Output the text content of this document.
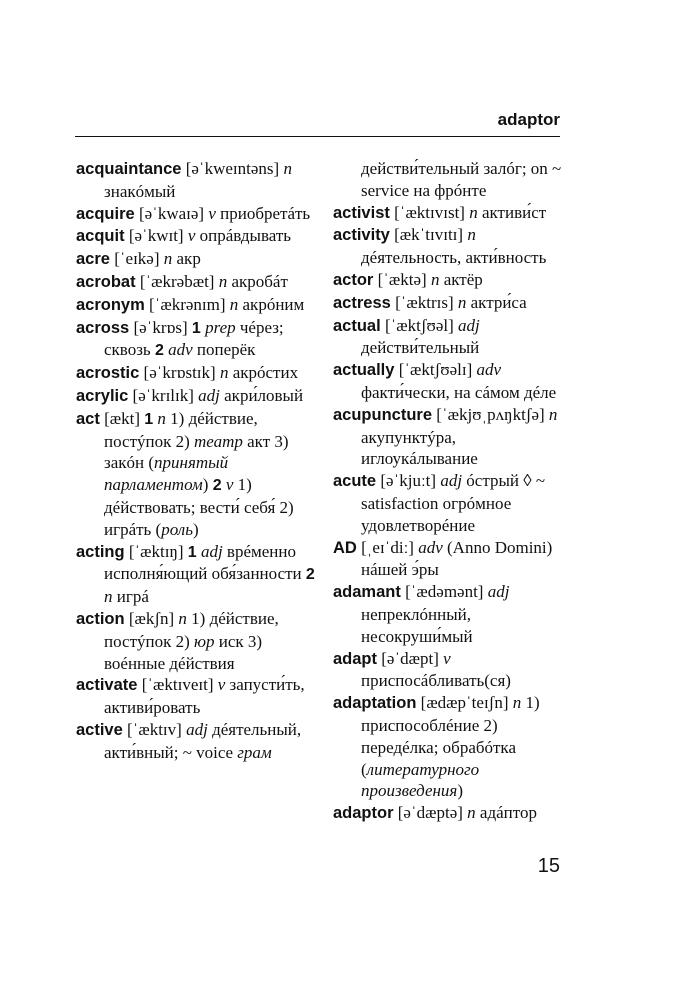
adaptor
acquaintance [əˈkweɪntəns] n знакóмый
acquire [əˈkwaɪə] v приобретáть
acquit [əˈkwɪt] v опрáвдывать
acre [ˈeɪkə] n акр
acrobat [ˈækrəbæt] n акробáт
acronym [ˈækrənɪm] n акрóним
across [əˈkrɒs] 1 prep чéрез; сквозь 2 adv поперёк
acrostic [əˈkrɒstɪk] n акрóстих
acrylic [əˈkrɪlɪk] adj акри́ловый
act [ækt] 1 n 1) дéйствие, постýпок 2) театр акт 3) закóн (принятый парламентом) 2 v 1) дéйствовать; вести́ себя́ 2) игрáть (роль)
acting [ˈæktɪŋ] 1 adj врéменно исполня́ющий обя́занности 2 n игрá
action [ækʃn] n 1) дéйствие, постýпок 2) юр иск 3) воéнные дéйствия
activate [ˈæktɪveɪt] v запусти́ть, активи́ровать
active [ˈæktɪv] adj дéятельный, акти́вный; ~ voice грам
действи́тельный залóг; on ~ service на фрóнте
activist [ˈæktɪvɪst] n активи́ст
activity [ækˈtɪvɪtɪ] n дéятельность, акти́вность
actor [ˈæktə] n актёр
actress [ˈæktrɪs] n актри́са
actual [ˈæktʃʊəl] adj действи́тельный
actually [ˈæktʃʊəlɪ] adv факти́чески, на сáмом дéле
acupuncture [ˈækjʊˌpʌŋktʃə] n акупунктýра, иглоукáлывание
acute [əˈkjuːt] adj óстрый ◊ ~ satisfaction огрóмное удовлетворéние
AD [ˌeɪˈdiː] adv (Anno Domini) нáшей э́ры
adamant [ˈædəmənt] adj непреклóнный, несокруши́мый
adapt [əˈdæpt] v приспосáбливать(ся)
adaptation [ædæpˈteɪʃn] n 1) приспособлéние 2) передéлка; обрабóтка (литературного произведения)
adaptor [əˈdæptə] n адáптор
15
